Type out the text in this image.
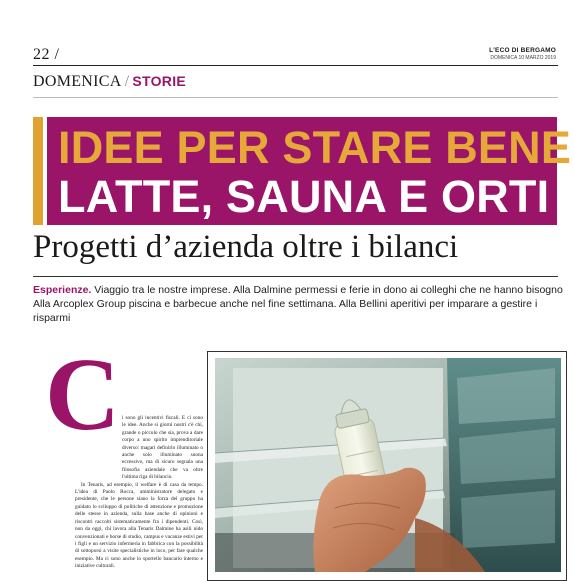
22 /	L'ECO DI BERGAMO
DOMENICA 10 MARZO 2019
DOMENICA / STORIE
IDEE PER STARE BENE
LATTE, SAUNA E ORTI
Progetti d’azienda oltre i bilanci
Esperienze. Viaggio tra le nostre imprese. Alla Dalmine permessi e ferie in dono ai colleghi che ne hanno bisogno Alla Arcoplex Group piscina e barbecue anche nel fine settimana. Alla Bellini aperitivi per imparare a gestire i risparmi
C i sono gli incentivi fiscali. E ci sono le idee. Anche si giorni nostri c'è chi, grande o piccolo che sia, prova a dare corpo a uno spirito imprenditoriale diverso: magari definirlo illuminato o anche solo illuminato suona eccessivo, ma di sicuro segnala una filosofia aziendale che va oltre l'ultima riga di bilancio.

In Tenaris, ad esempio, il welfare è di casa da tempo. L'idea di Paolo Rocca, amministratore delegato e presidente, che le persone siano la forza del gruppo ha guidato lo sviluppo di politiche di attenzione e promozione delle stesse in azienda, sulla base anche di opinioni e riscontri raccolti sistematicamente fra i dipendenti. Così, non da oggi, chi lavora alla Tenaris Dalmine ha asili nido convenzionati e borse di studio, campus e vacanze estivi per i figli e un servizio infermeria in fabbrica con la possibilità di sottoporsi a visite specialistiche in loco, per fare qualche esempio. Ma ci sono anche lo sportello bancario interno e iniziative culturali.
